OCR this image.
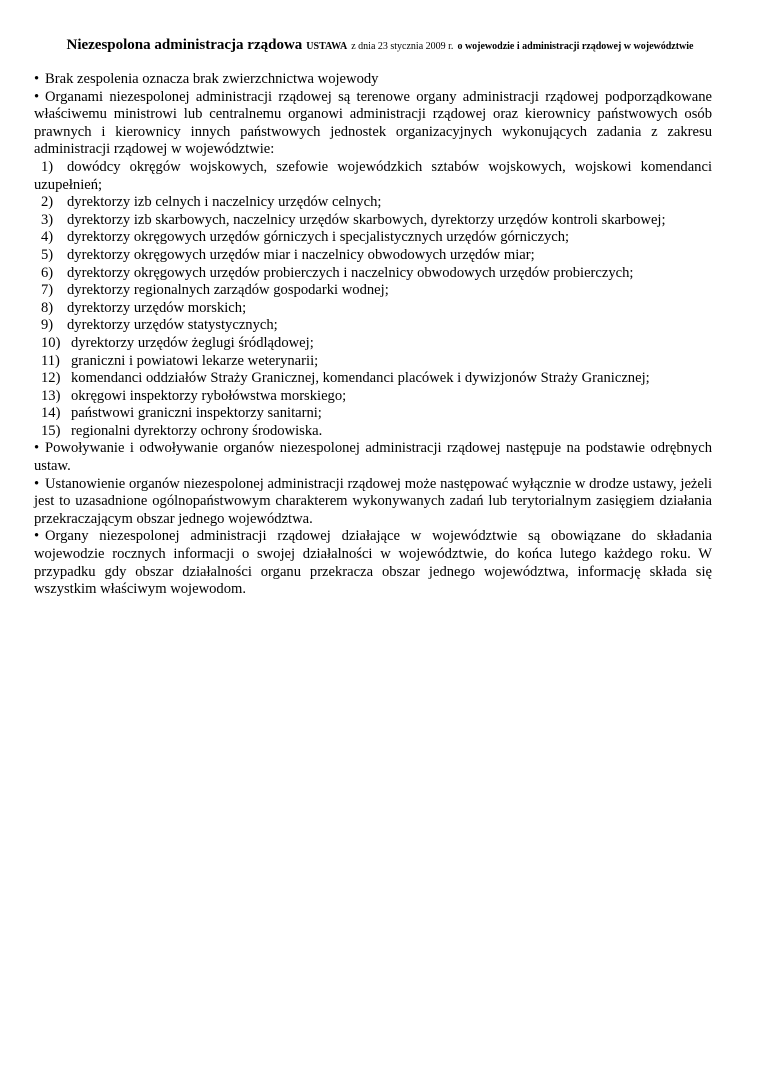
Niezespolona administracja rządowa USTAWA z dnia 23 stycznia 2009 r. o wojewodzie i administracji rządowej w województwie

• Brak zespolenia oznacza brak zwierzchnictwa wojewody

• Organami niezespolonej administracji rządowej są terenowe organy administracji rządowej podporządkowane właściwemu ministrowi lub centralnemu organowi administracji rządowej oraz kierownicy państwowych osób prawnych i kierownicy innych państwowych jednostek organizacyjnych wykonujących zadania z zakresu administracji rządowej w województwie:

1) dowódcy okręgów wojskowych, szefowie wojewódzkich sztabów wojskowych, wojskowi komendanci uzupełnień;
2) dyrektorzy izb celnych i naczelnicy urzędów celnych;
3) dyrektorzy izb skarbowych, naczelnicy urzędów skarbowych, dyrektorzy urzędów kontroli skarbowej;
4) dyrektorzy okręgowych urzędów górniczych i specjalistycznych urzędów górniczych;
5) dyrektorzy okręgowych urzędów miar i naczelnicy obwodowych urzędów miar;
6) dyrektorzy okręgowych urzędów probierczych i naczelnicy obwodowych urzędów probierczych;
7) dyrektorzy regionalnych zarządów gospodarki wodnej;
8) dyrektorzy urzędów morskich;
9) dyrektorzy urzędów statystycznych;
10) dyrektorzy urzędów żeglugi śródlądowej;
11) graniczni i powiatowi lekarze weterynarii;
12) komendanci oddziałów Straży Granicznej, komendanci placówek i dywizjonów Straży Granicznej;
13) okręgowi inspektorzy rybołówstwa morskiego;
14) państwowi graniczni inspektorzy sanitarni;
15) regionalni dyrektorzy ochrony środowiska.

• Powoływanie i odwoływanie organów niezespolonej administracji rządowej następuje na podstawie odrębnych ustaw.

• Ustanowienie organów niezespolonej administracji rządowej może następować wyłącznie w drodze ustawy, jeżeli jest to uzasadnione ogólnopaństwowym charakterem wykonywanych zadań lub terytorialnym zasięgiem działania przekraczającym obszar jednego województwa.

• Organy niezespolonej administracji rządowej działające w województwie są obowiązane do składania wojewodzie rocznych informacji o swojej działalności w województwie, do końca lutego każdego roku. W przypadku gdy obszar działalności organu przekracza obszar jednego województwa, informację składa się wszystkim właściwym wojewodom.
